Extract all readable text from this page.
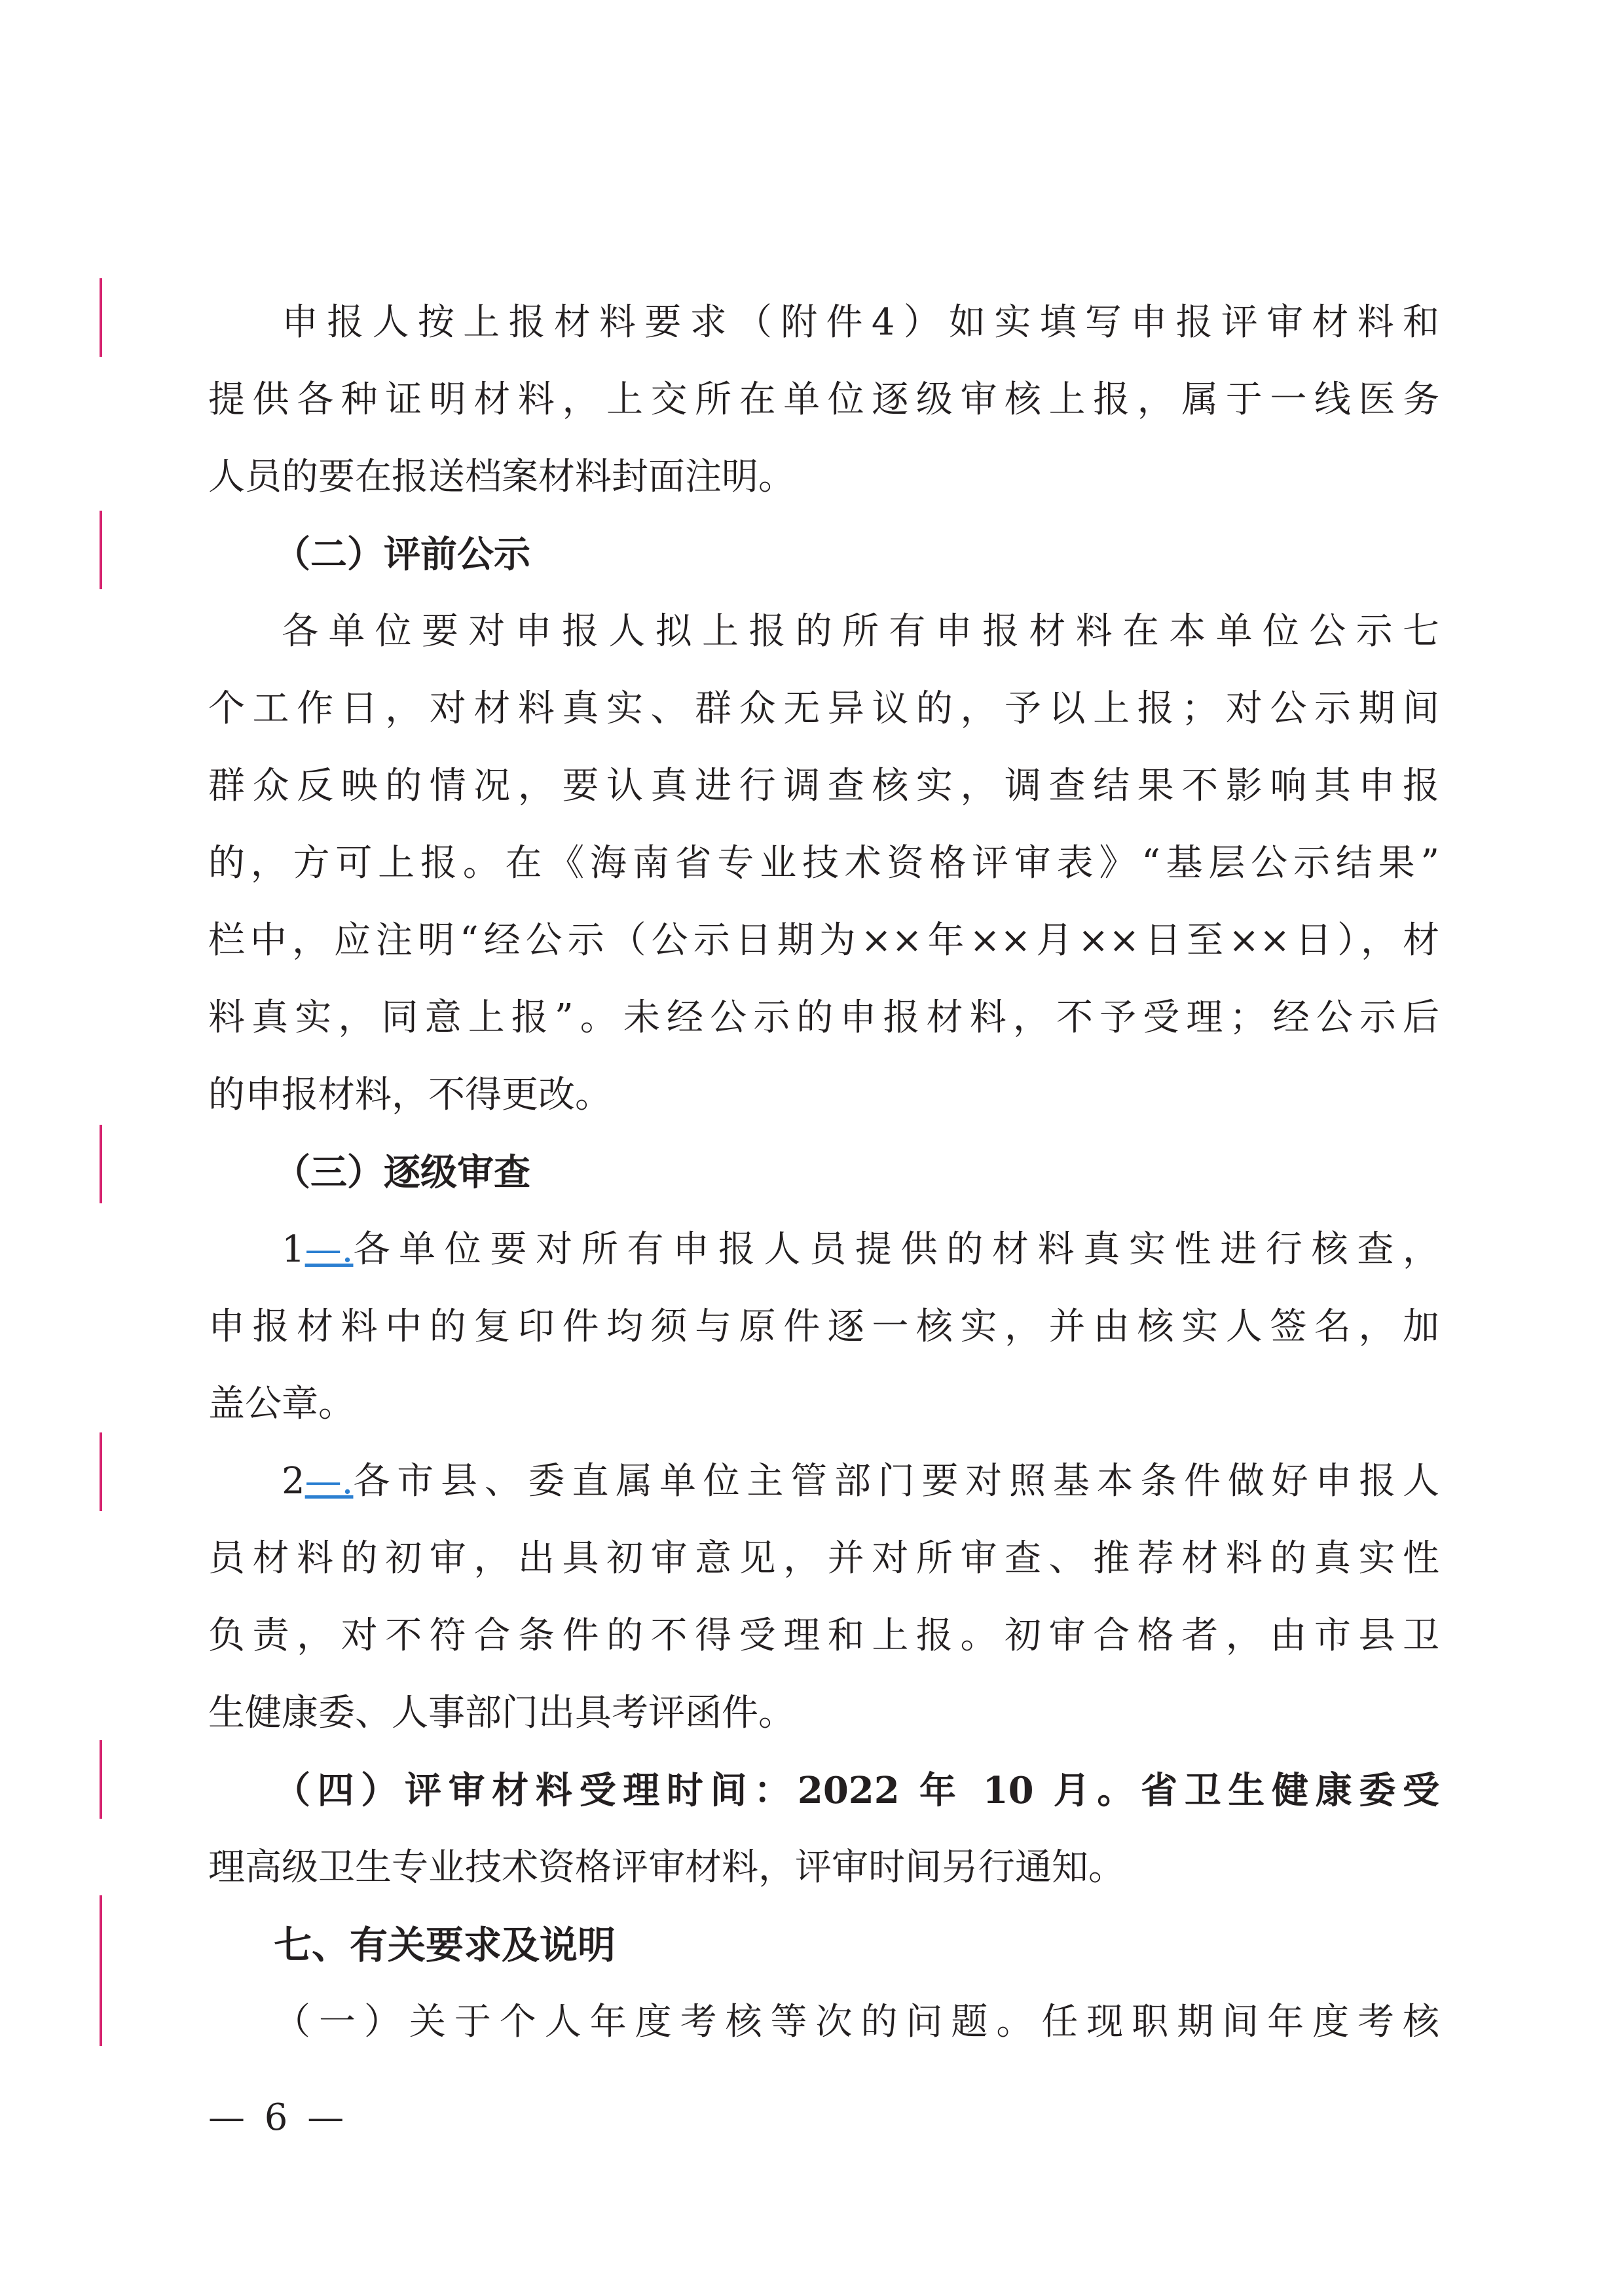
申报人按上报材料要求（附件4）如实填写申报评审材料和
提供各种证明材料，上交所在单位逐级审核上报，属于一线医务
人员的要在报送档案材料封面注明。
（二）评前公示
各单位要对申报人拟上报的所有申报材料在本单位公示七
个工作日，对材料真实、群众无异议的，予以上报；对公示期间
群众反映的情况，要认真进行调查核实，调查结果不影响其申报
的，方可上报。在《海南省专业技术资格评审表》“基层公示结果”
栏中，应注明“经公示（公示日期为××年××月××日至××日），材
料真实，同意上报”。未经公示的申报材料，不予受理；经公示后
的申报材料，不得更改。
（三）逐级审查
1—. 各单位要对所有申报人员提供的材料真实性进行核查，
申报材料中的复印件均须与原件逐一核实，并由核实人签名，加
盖公章。
2—. 各市县、委直属单位主管部门要对照基本条件做好申报人
员材料的初审，出具初审意见，并对所审查、推荐材料的真实性
负责，对不符合条件的不得受理和上报。初审合格者，由市县卫
生健康委、人事部门出具考评函件。
（四）评审材料受理时间：2022 年 10 月。省卫生健康委受
理高级卫生专业技术资格评审材料，评审时间另行通知。
七、有关要求及说明
（一）关于个人年度考核等次的问题。任现职期间年度考核
— 6 —
